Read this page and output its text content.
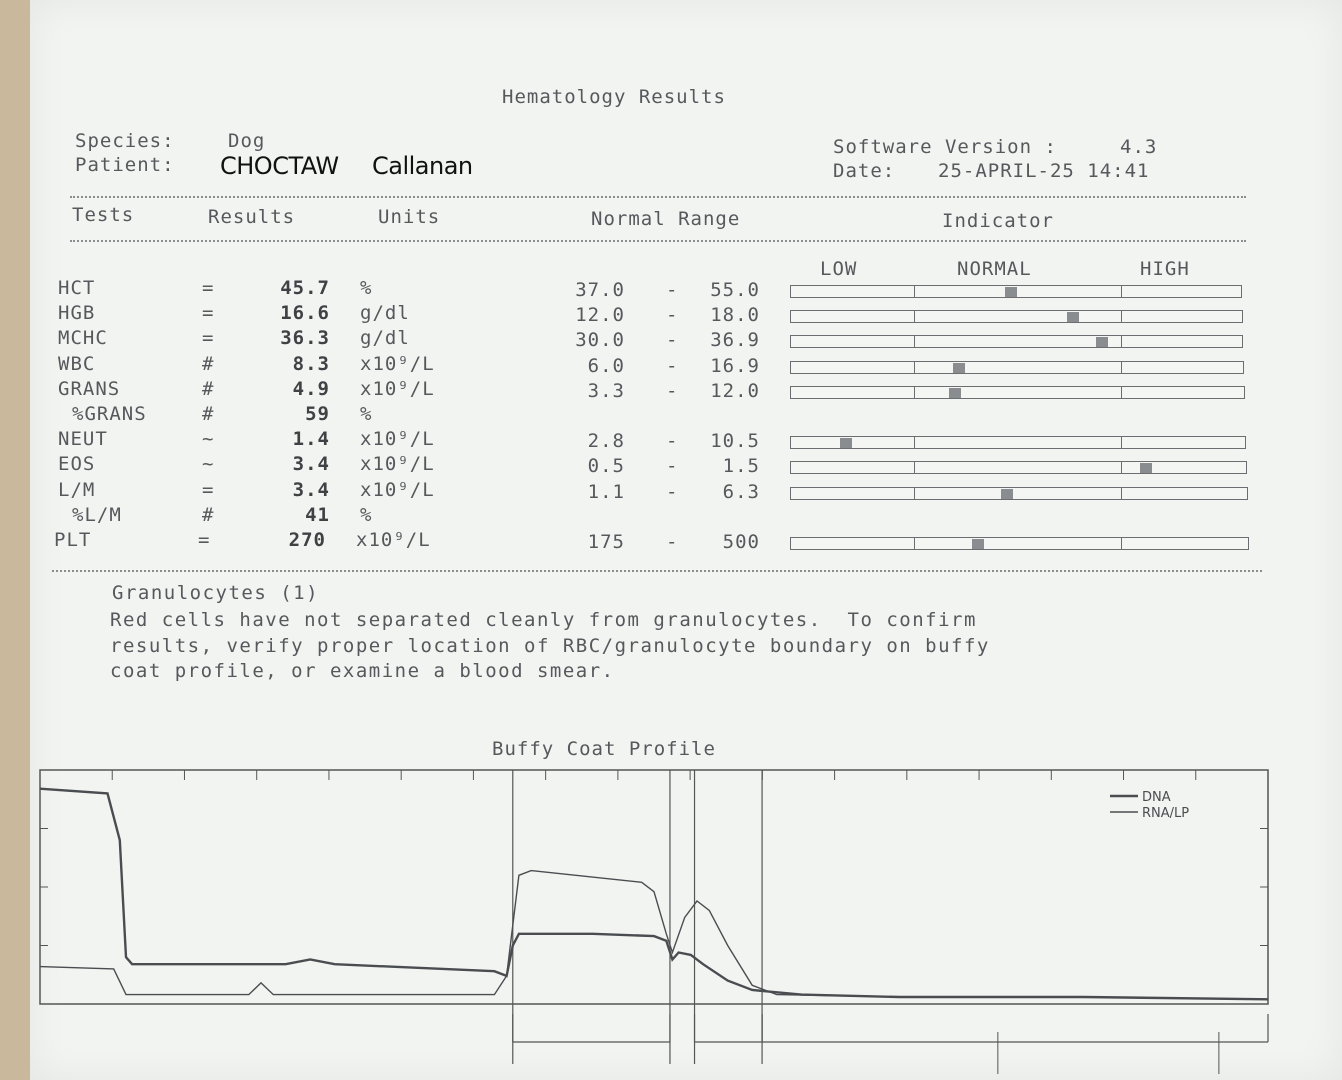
Hematology Results
Species:	Dog
Patient: CHOCTAW Callanan
Software Version :	4.3
Date: 25-APRIL-25 14:41
Tests	Results	Units	Normal Range	Indicator
LOW	NORMAL	HIGH
HCT	=	45.7 %	37.0 - 55.0
HGB	=	16.6 g/dl	12.0 - 18.0
MCHC	=	36.3 g/dl	30.0 - 36.9
WBC	#	8.3 x10⁹/L	6.0 - 16.9
GRANS	#	4.9 x10⁹/L	3.3 - 12.0
%GRANS	#	59 %
NEUT	~	1.4 x10⁹/L	2.8 - 10.5
EOS	~	3.4 x10⁹/L	0.5 - 1.5
L/M	=	3.4 x10⁹/L	1.1 - 6.3
%L/M	#	41 %
PLT	=	270 x10⁹/L	175 - 500
Granulocytes (1)
Red cells have not separated cleanly from granulocytes.  To confirm
results, verify proper location of RBC/granulocyte boundary on buffy
coat profile, or examine a blood smear.
Buffy Coat Profile
DNA
RNA/LP
